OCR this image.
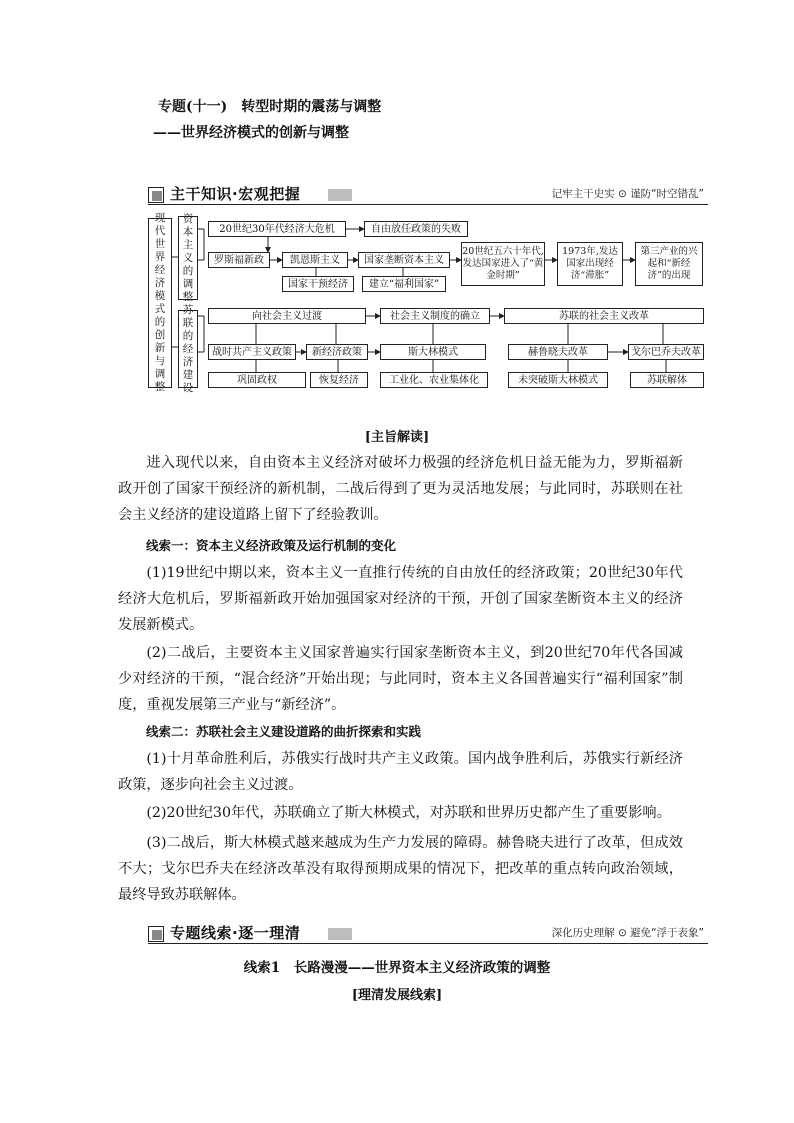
专题(十一)　转型时期的震荡与调整
——世界经济模式的创新与调整
主干知识·宏观把握	记牢主干史实 ⊙ 谨防“时空错乱”
现代世界经济模式的创新与调整
资本主义的调整
苏联的经济建设
20世纪30年代经济大危机	自由放任政策的失败
罗斯福新政	凯恩斯主义	国家垄断资本主义
20世纪五六十年代,发达国家进入了“黄金时期”
1973年,发达国家出现经济“滞胀”
第三产业的兴起和“新经济”的出现
国家干预经济	建立“福利国家”
向社会主义过渡	社会主义制度的确立	苏联的社会主义改革
战时共产主义政策	新经济政策	斯大林模式	赫鲁晓夫改革	戈尔巴乔夫改革
巩固政权	恢复经济	工业化、农业集体化	未突破斯大林模式	苏联解体
[主旨解读]
进入现代以来，自由资本主义经济对破坏力极强的经济危机日益无能为力，罗斯福新政开创了国家干预经济的新机制，二战后得到了更为灵活地发展；与此同时，苏联则在社会主义经济的建设道路上留下了经验教训。
线索一：资本主义经济政策及运行机制的变化
(1)19世纪中期以来，资本主义一直推行传统的自由放任的经济政策；20世纪30年代经济大危机后，罗斯福新政开始加强国家对经济的干预，开创了国家垄断资本主义的经济发展新模式。
(2)二战后，主要资本主义国家普遍实行国家垄断资本主义，到20世纪70年代各国减少对经济的干预，“混合经济”开始出现；与此同时，资本主义各国普遍实行“福利国家”制度，重视发展第三产业与“新经济”。
线索二：苏联社会主义建设道路的曲折探索和实践
(1)十月革命胜利后，苏俄实行战时共产主义政策。国内战争胜利后，苏俄实行新经济政策，逐步向社会主义过渡。
(2)20世纪30年代，苏联确立了斯大林模式，对苏联和世界历史都产生了重要影响。
(3)二战后，斯大林模式越来越成为生产力发展的障碍。赫鲁晓夫进行了改革，但成效不大；戈尔巴乔夫在经济改革没有取得预期成果的情况下，把改革的重点转向政治领域，最终导致苏联解体。
专题线索·逐一理清	深化历史理解 ⊙ 避免“浮于表象”
线索1　长路漫漫——世界资本主义经济政策的调整
[理清发展线索]
